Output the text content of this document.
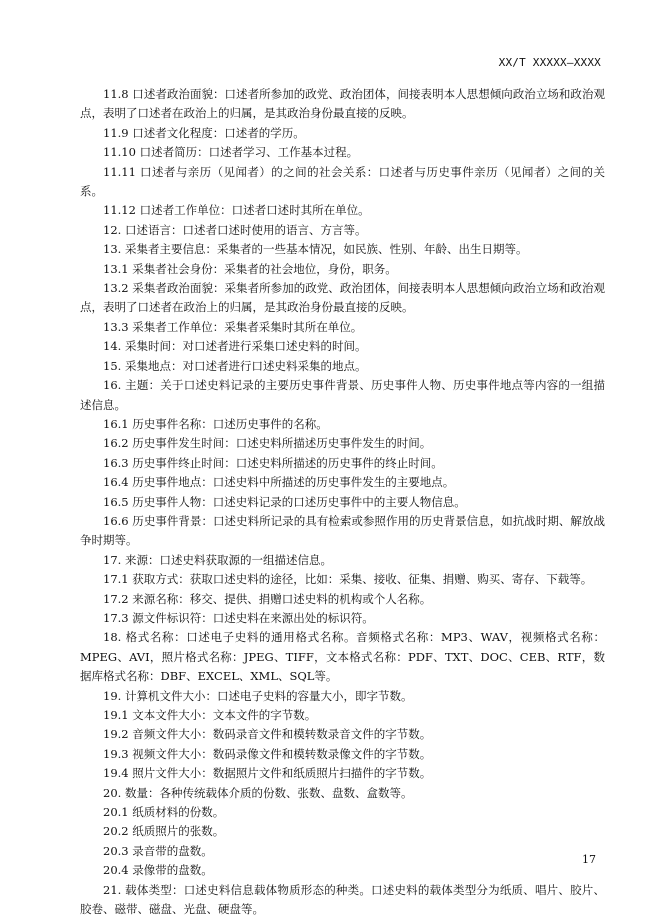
XX/T XXXXX—XXXX

11.8 口述者政治面貌：口述者所参加的政党、政治团体，间接表明本人思想倾向政治立场和政治观点，表明了口述者在政治上的归属，是其政治身份最直接的反映。

11.9 口述者文化程度：口述者的学历。

11.10 口述者简历：口述者学习、工作基本过程。

11.11 口述者与亲历（见闻者）的之间的社会关系：口述者与历史事件亲历（见闻者）之间的关系。

11.12 口述者工作单位：口述者口述时其所在单位。

12. 口述语言：口述者口述时使用的语言、方言等。

13. 采集者主要信息：采集者的一些基本情况，如民族、性别、年龄、出生日期等。

13.1 采集者社会身份：采集者的社会地位，身份，职务。

13.2 采集者政治面貌：采集者所参加的政党、政治团体，间接表明本人思想倾向政治立场和政治观点，表明了口述者在政治上的归属，是其政治身份最直接的反映。

13.3 采集者工作单位：采集者采集时其所在单位。

14. 采集时间：对口述者进行采集口述史料的时间。

15. 采集地点：对口述者进行口述史料采集的地点。

16. 主题：关于口述史料记录的主要历史事件背景、历史事件人物、历史事件地点等内容的一组描述信息。

16.1 历史事件名称：口述历史事件的名称。

16.2 历史事件发生时间：口述史料所描述历史事件发生的时间。

16.3 历史事件终止时间：口述史料所描述的历史事件的终止时间。

16.4 历史事件地点：口述史料中所描述的历史事件发生的主要地点。

16.5 历史事件人物：口述史料记录的口述历史事件中的主要人物信息。

16.6 历史事件背景：口述史料所记录的具有检索或参照作用的历史背景信息，如抗战时期、解放战争时期等。

17. 来源：口述史料获取源的一组描述信息。

17.1 获取方式：获取口述史料的途径，比如：采集、接收、征集、捐赠、购买、寄存、下载等。

17.2 来源名称：移交、提供、捐赠口述史料的机构或个人名称。

17.3 源文件标识符：口述史料在来源出处的标识符。

18. 格式名称：口述电子史料的通用格式名称。音频格式名称：MP3、WAV，视频格式名称：MPEG、AVI，照片格式名称：JPEG、TIFF，文本格式名称：PDF、TXT、DOC、CEB、RTF，数据库格式名称：DBF、EXCEL、XML、SQL等。

19. 计算机文件大小：口述电子史料的容量大小，即字节数。

19.1 文本文件大小：文本文件的字节数。

19.2 音频文件大小：数码录音文件和模转数录音文件的字节数。

19.3 视频文件大小：数码录像文件和模转数录像文件的字节数。

19.4 照片文件大小：数据照片文件和纸质照片扫描件的字节数。

20. 数量：各种传统载体介质的份数、张数、盘数、盒数等。

20.1 纸质材料的份数。

20.2 纸质照片的张数。

20.3 录音带的盘数。

20.4 录像带的盘数。

21. 载体类型：口述史料信息载体物质形态的种类。口述史料的载体类型分为纸质、唱片、胶片、胶卷、磁带、磁盘、光盘、硬盘等。

17
